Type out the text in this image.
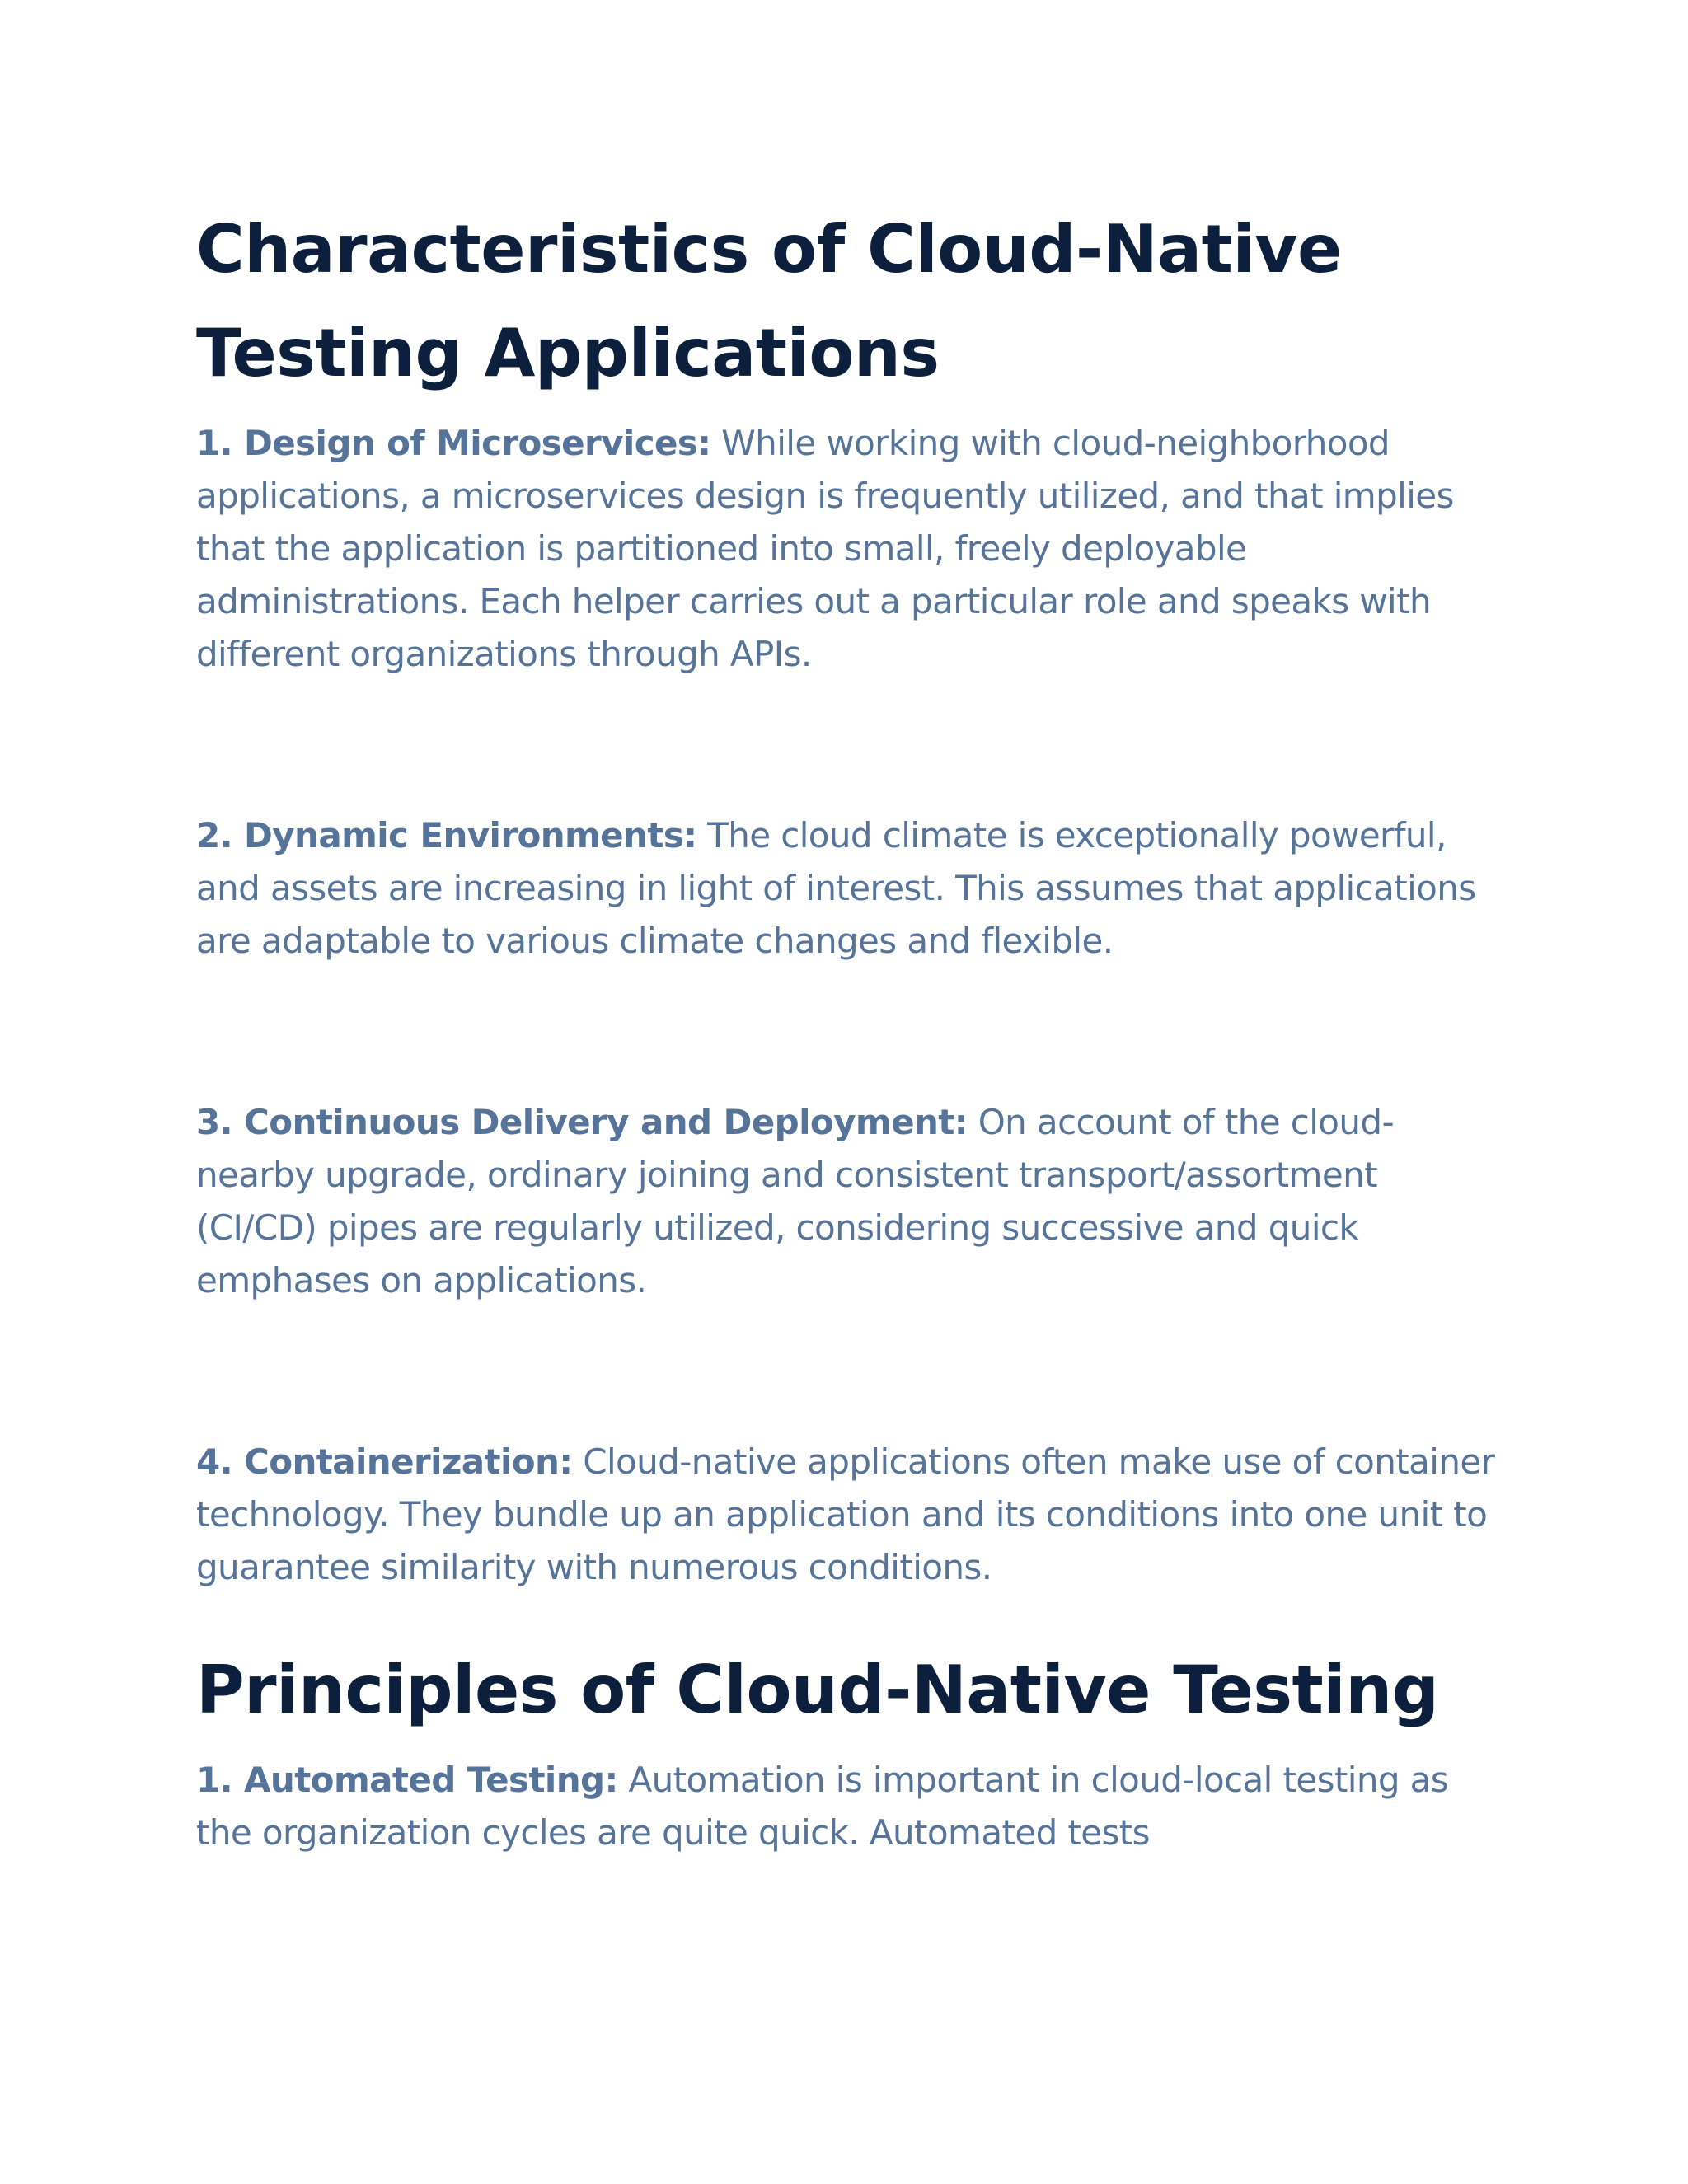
Characteristics of Cloud-Native Testing Applications

1. Design of Microservices: While working with cloud-neighborhood applications, a microservices design is frequently utilized, and that implies that the application is partitioned into small, freely deployable administrations. Each helper carries out a particular role and speaks with different organizations through APIs.

2. Dynamic Environments: The cloud climate is exceptionally powerful, and assets are increasing in light of interest. This assumes that applications are adaptable to various climate changes and flexible.

3. Continuous Delivery and Deployment: On account of the cloud-nearby upgrade, ordinary joining and consistent transport/assortment (CI/CD) pipes are regularly utilized, considering successive and quick emphases on applications.

4. Containerization: Cloud-native applications often make use of container technology. They bundle up an application and its conditions into one unit to guarantee similarity with numerous conditions.

Principles of Cloud-Native Testing

1. Automated Testing: Automation is important in cloud-local testing as the organization cycles are quite quick. Automated tests
